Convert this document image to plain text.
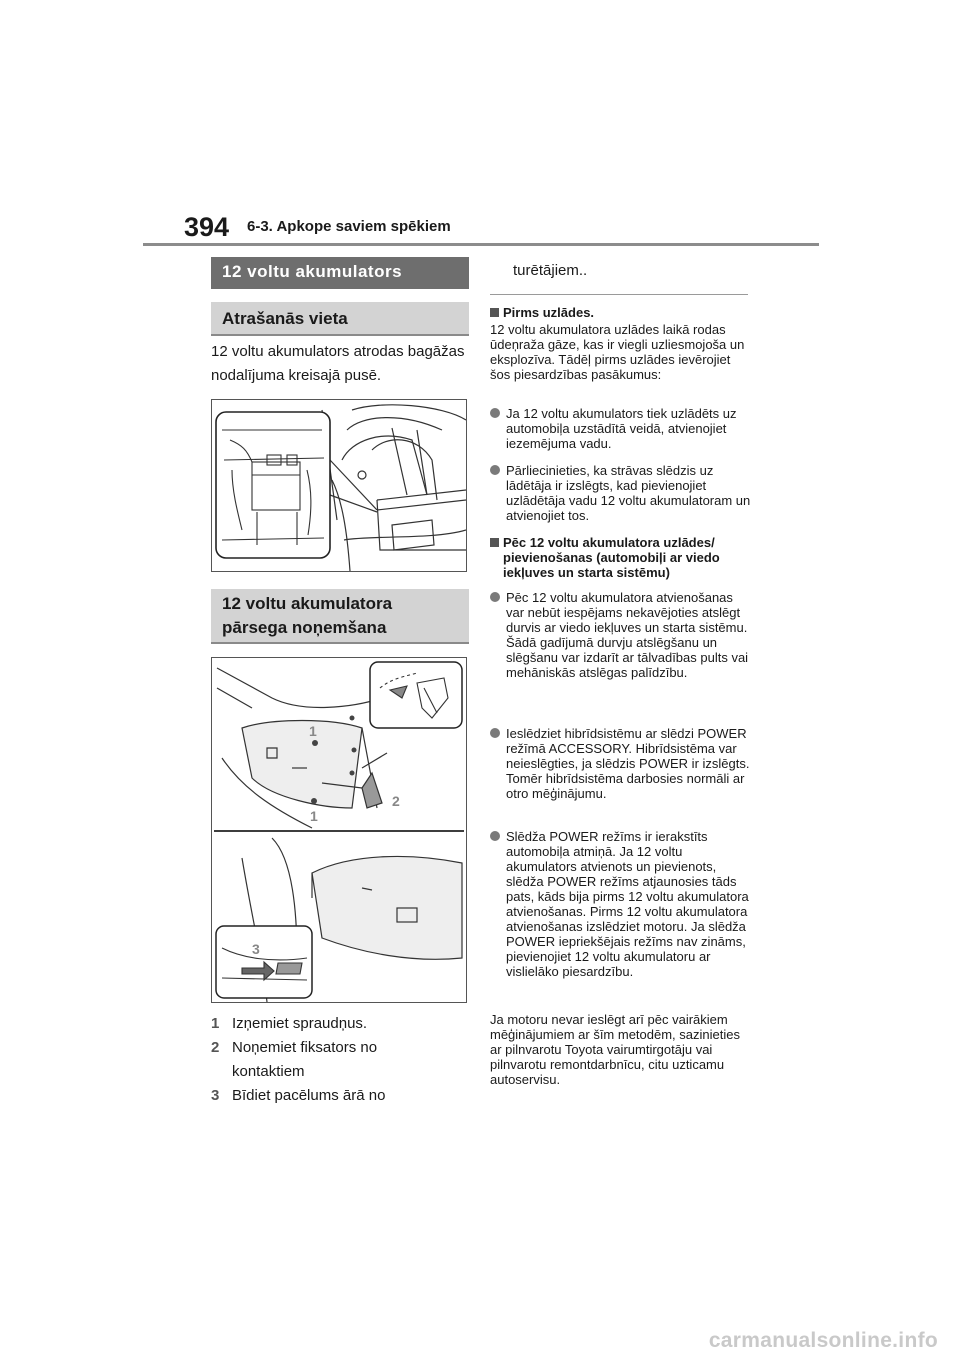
394 6-3. Apkope saviem spēkiem
12 voltu akumulators
Atrašanās vieta
12 voltu akumulators atrodas bagāžas nodalījuma kreisajā pusē.
12 voltu akumulatora
pārsega noņemšana
1
1
2
3
1 Izņemiet spraudņus.
2 Noņemiet fiksators no kontaktiem
3 Bīdiet pacēlums ārā no
turētājiem..
Pirms uzlādes.
12 voltu akumulatora uzlādes laikā rodas ūdeņraža gāze, kas ir viegli uzliesmojoša un eksplozīva. Tādēļ pirms uzlādes ievērojiet šos piesardzības pasākumus:
Ja 12 voltu akumulators tiek uzlādēts uz automobiļa uzstādītā veidā, atvienojiet iezemējuma vadu.
Pārliecinieties, ka strāvas slēdzis uz lādētāja ir izslēgts, kad pievienojiet uzlādētāja vadu 12 voltu akumulatoram un atvienojiet tos.
Pēc 12 voltu akumulatora uzlādes/ pievienošanas (automobiļi ar viedo iekļuves un starta sistēmu)
Pēc 12 voltu akumulatora atvienošanas var nebūt iespējams nekavējoties atslēgt durvis ar viedo iekļuves un starta sistēmu. Šādā gadījumā durvju atslēgšanu un slēgšanu var izdarīt ar tālvadības pults vai mehāniskās atslēgas palīdzību.
Ieslēdziet hibrīdsistēmu ar slēdzi POWER režīmā ACCESSORY. Hibrīdsistēma var neieslēgties, ja slēdzis POWER ir izslēgts. Tomēr hibrīdsistēma darbosies normāli ar otro mēģinājumu.
Slēdža POWER režīms ir ierakstīts automobiļa atmiņā. Ja 12 voltu akumulators atvienots un pievienots, slēdža POWER režīms atjaunosies tāds pats, kāds bija pirms 12 voltu akumulatora atvienošanas. Pirms 12 voltu akumulatora atvienošanas izslēdziet motoru. Ja slēdža POWER iepriekšējais režīms nav zināms, pievienojiet 12 voltu akumulatoru ar vislielāko piesardzību.
Ja motoru nevar ieslēgt arī pēc vairākiem mēģinājumiem ar šīm metodēm, sazinieties ar pilnvarotu Toyota vairumtirgotāju vai pilnvarotu remontdarbnīcu, citu uzticamu autoservisu.
carmanualsonline.info
